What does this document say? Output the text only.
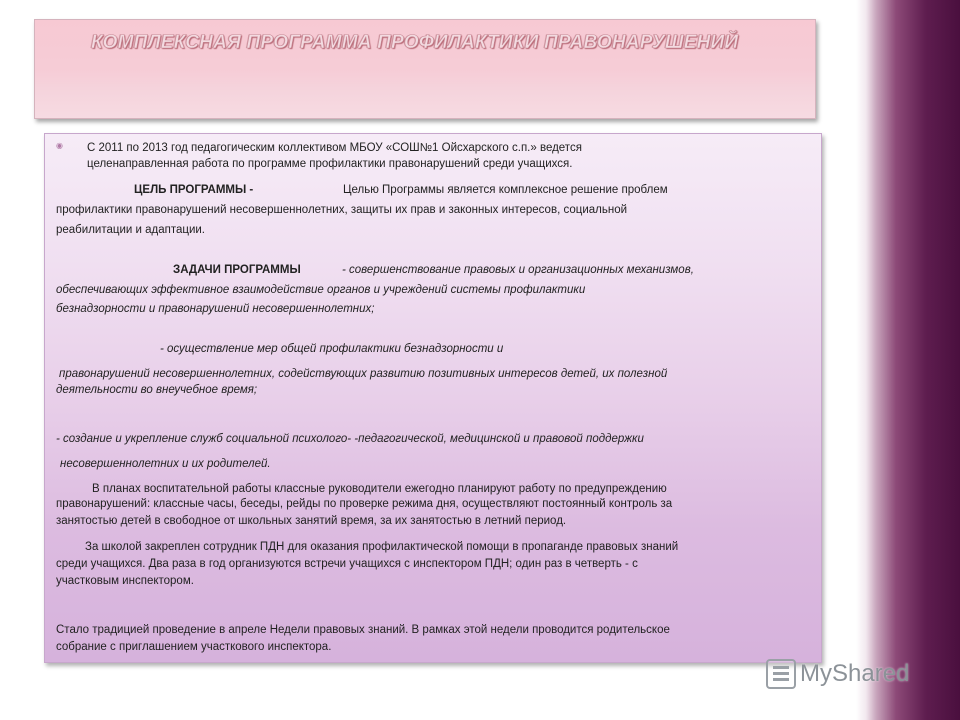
КОМПЛЕКСНАЯ ПРОГРАММА ПРОФИЛАКТИКИ ПРАВОНАРУШЕНИЙ
◉ С 2011 по 2013 год педагогическим коллективом МБОУ «СОШ№1 Ойсхарского с.п.» ведется
целенаправленная работа по программе профилактики правонарушений среди учащихся.
ЦЕЛЬ ПРОГРАММЫ -	Целью Программы является комплексное решение проблем
профилактики правонарушений несовершеннолетних, защиты их прав и законных интересов, социальной
реабилитации и адаптации.
ЗАДАЧИ ПРОГРАММЫ	- совершенствование правовых и организационных механизмов,
обеспечивающих эффективное взаимодействие органов и учреждений системы профилактики
безнадзорности и правонарушений несовершеннолетних;
- осуществление мер общей профилактики безнадзорности и
правонарушений несовершеннолетних, содействующих развитию позитивных интересов детей, их полезной
деятельности во внеучебное время;
- создание и укрепление служб социальной психолого- -педагогической, медицинской и правовой поддержки
несовершеннолетних и их родителей.
В планах воспитательной работы классные руководители ежегодно планируют работу по предупреждению
правонарушений: классные часы, беседы, рейды по проверке режима дня, осуществляют постоянный контроль за
занятостью детей в свободное от школьных занятий время, за их занятостью в летний период.
За школой закреплен сотрудник ПДН для оказания профилактической помощи в пропаганде правовых знаний
среди учащихся. Два раза в год организуются встречи учащихся с инспектором ПДН; один раз в четверть - с
участковым инспектором.
Стало традицией проведение в апреле Недели правовых знаний. В рамках этой недели проводится родительское
собрание с приглашением участкового инспектора.
MyShared
